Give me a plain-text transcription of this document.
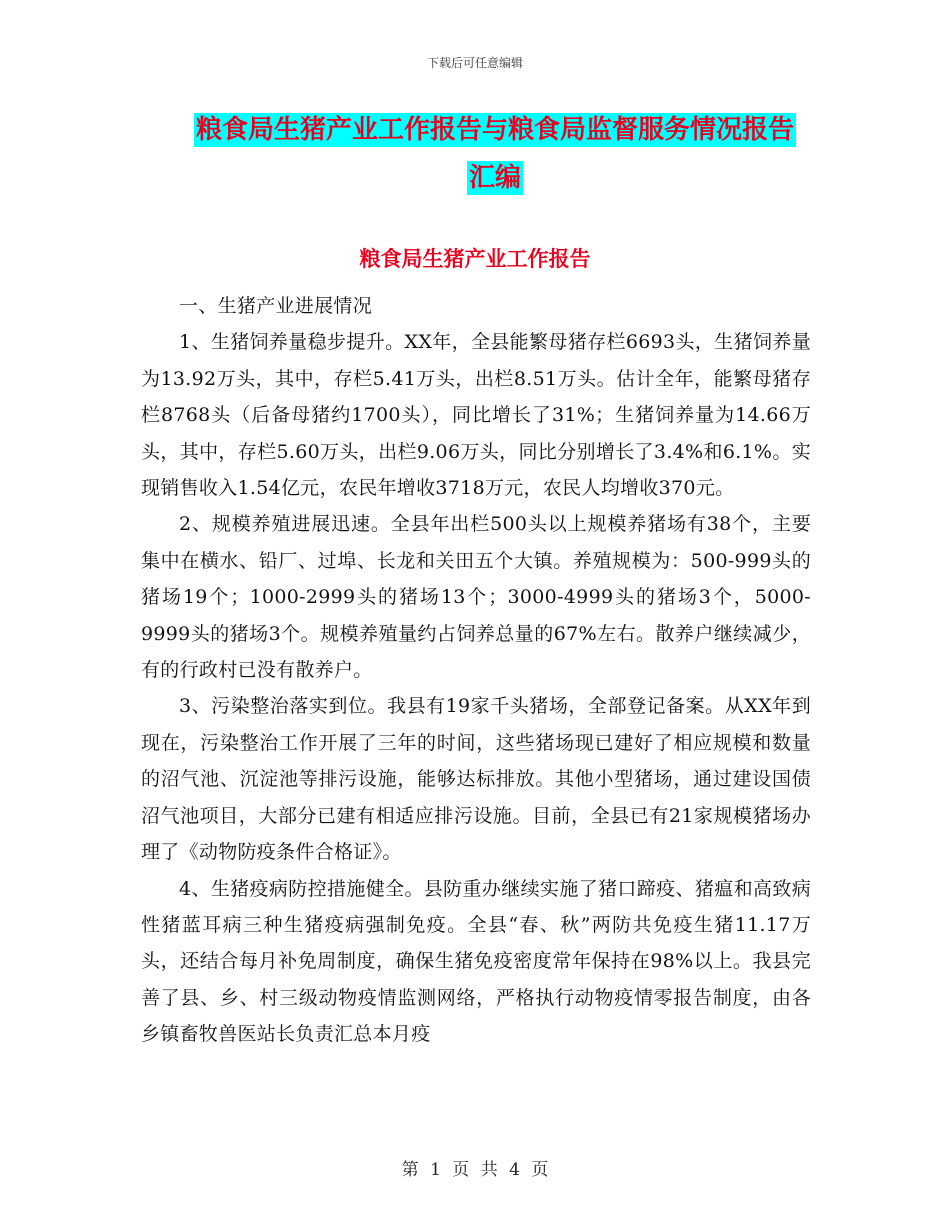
下载后可任意编辑
粮食局生猪产业工作报告与粮食局监督服务情况报告
汇编
粮食局生猪产业工作报告

一、生猪产业进展情况

1、生猪饲养量稳步提升。XX年，全县能繁母猪存栏6693头，生猪饲养量为13.92万头，其中，存栏5.41万头，出栏8.51万头。估计全年，能繁母猪存栏8768头（后备母猪约1700头），同比增长了31%；生猪饲养量为14.66万头，其中，存栏5.60万头，出栏9.06万头，同比分别增长了3.4%和6.1%。实现销售收入1.54亿元，农民年增收3718万元，农民人均增收370元。

2、规模养殖进展迅速。全县年出栏500头以上规模养猪场有38个，主要集中在横水、铅厂、过埠、长龙和关田五个大镇。养殖规模为：500-999头的猪场19个；1000-2999头的猪场13个；3000-4999头的猪场3个，5000-9999头的猪场3个。规模养殖量约占饲养总量的67%左右。散养户继续减少，有的行政村已没有散养户。

3、污染整治落实到位。我县有19家千头猪场，全部登记备案。从XX年到现在，污染整治工作开展了三年的时间，这些猪场现已建好了相应规模和数量的沼气池、沉淀池等排污设施，能够达标排放。其他小型猪场，通过建设国债沼气池项目，大部分已建有相适应排污设施。目前，全县已有21家规模猪场办理了《动物防疫条件合格证》。

4、生猪疫病防控措施健全。县防重办继续实施了猪口蹄疫、猪瘟和高致病性猪蓝耳病三种生猪疫病强制免疫。全县“春、秋”两防共免疫生猪11.17万头，还结合每月补免周制度，确保生猪免疫密度常年保持在98%以上。我县完善了县、乡、村三级动物疫情监测网络，严格执行动物疫情零报告制度，由各乡镇畜牧兽医站长负责汇总本月疫

第 1 页 共 4 页
